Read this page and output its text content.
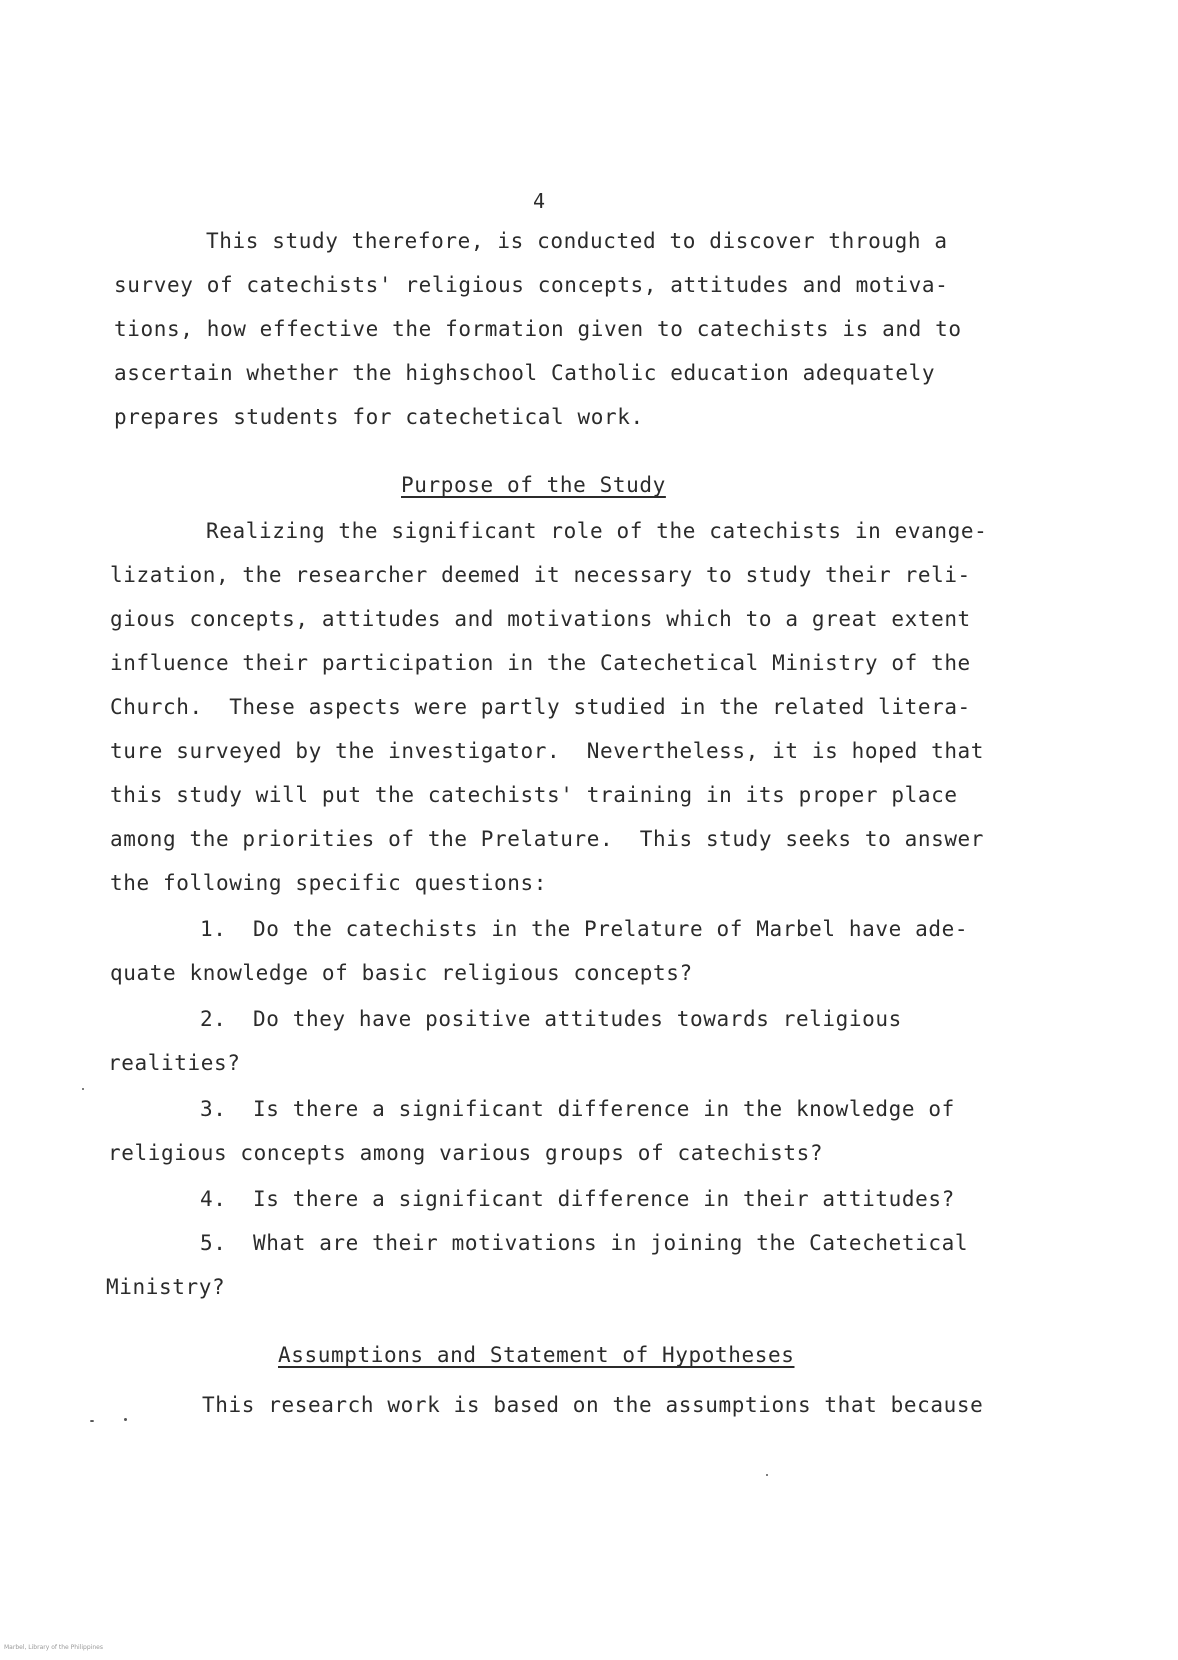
4
This study therefore, is conducted to discover through a
survey of catechists' religious concepts, attitudes and motiva-
tions, how effective the formation given to catechists is and to
ascertain whether the highschool Catholic education adequately
prepares students for catechetical work.
Purpose of the Study
Realizing the significant role of the catechists in evange-
lization, the researcher deemed it necessary to study their reli-
gious concepts, attitudes and motivations which to a great extent
influence their participation in the Catechetical Ministry of the
Church.  These aspects were partly studied in the related litera-
ture surveyed by the investigator.  Nevertheless, it is hoped that
this study will put the catechists' training in its proper place
among the priorities of the Prelature.  This study seeks to answer
the following specific questions:
1.  Do the catechists in the Prelature of Marbel have ade-
quate knowledge of basic religious concepts?
2.  Do they have positive attitudes towards religious
realities?
3.  Is there a significant difference in the knowledge of
religious concepts among various groups of catechists?
4.  Is there a significant difference in their attitudes?
5.  What are their motivations in joining the Catechetical
Ministry?
Assumptions and Statement of Hypotheses
This research work is based on the assumptions that because
Marbel, Library of the Philippines
